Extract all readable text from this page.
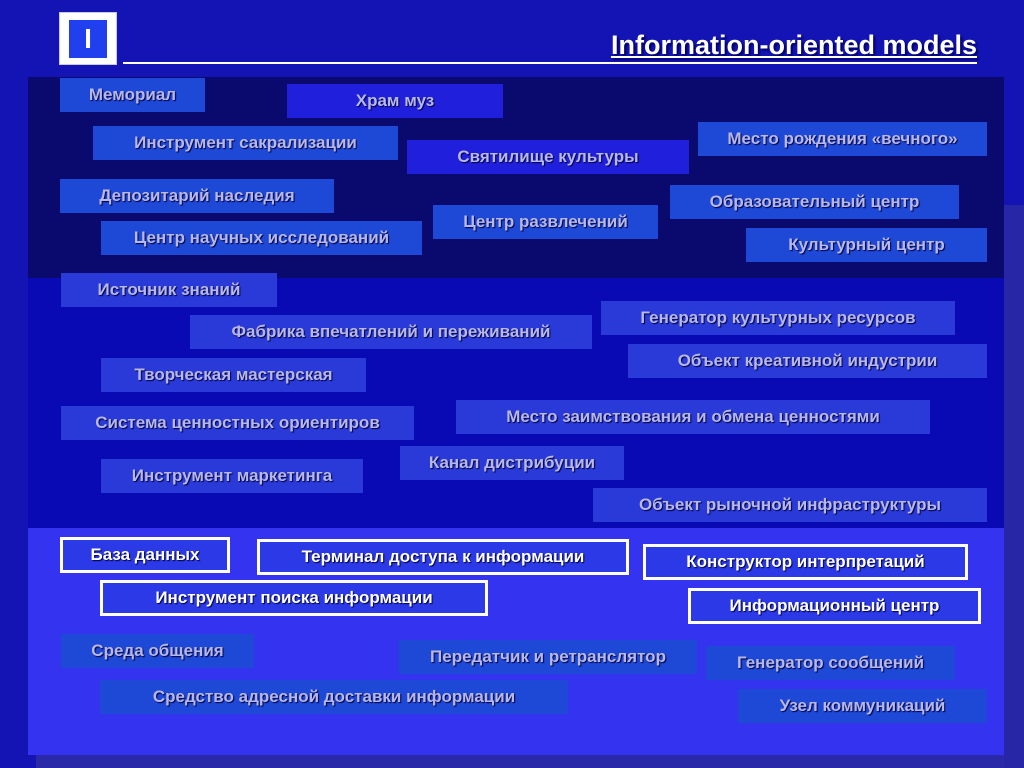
I	Information-oriented models
Мемориал	Храм муз
Инструмент сакрализации
Святилище культуры
Место рождения «вечного»
Депозитарий наследия
Центр развлечений
Образовательный центр
Центр научных исследований	Культурный центр
Источник знаний
Генератор культурных ресурсов
Фабрика впечатлений и переживаний
Объект креативной индустрии
Творческая мастерская
Система ценностных ориентиров	Место заимствования и обмена ценностями
Канал дистрибуции
Инструмент маркетинга
Объект рыночной инфраструктуры
База данных	Терминал доступа к информации	Конструктор интерпретаций
Инструмент поиска информации	Информационный центр
Среда общения	Передатчик и ретранслятор	Генератор сообщений
Средство адресной доставки информации	Узел коммуникаций
